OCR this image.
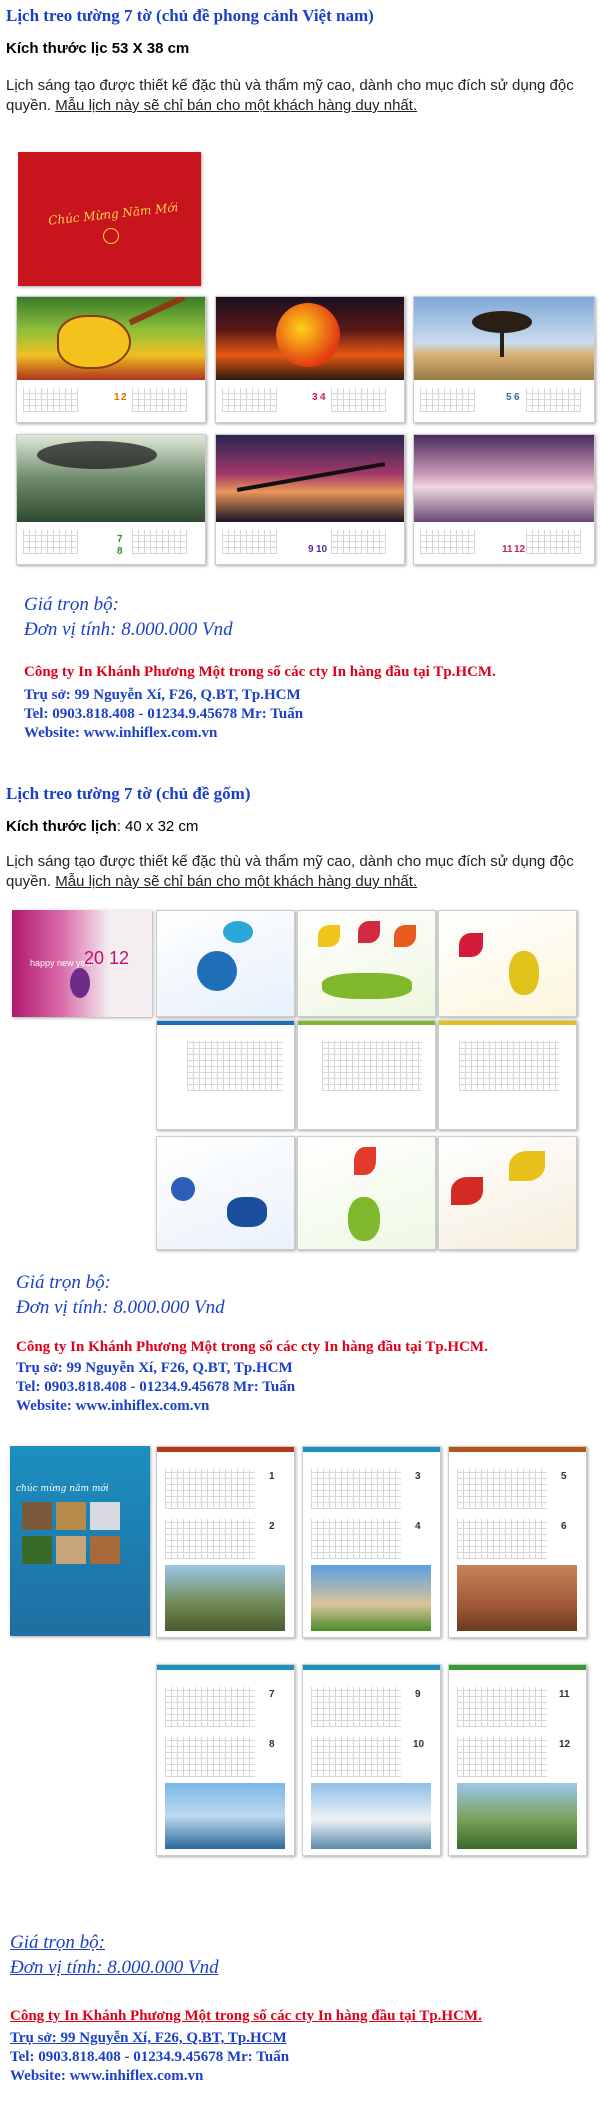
Lịch treo tường 7 tờ (chủ đề phong cảnh Việt nam)
Kích thước lịc 53 X 38 cm
Lịch sáng tạo được thiết kế đặc thù và thẩm mỹ cao, dành cho mục đích sử dụng độc quyền. Mẫu lịch này sẽ chỉ bán cho một khách hàng duy nhất.
Chúc Mừng Năm Mới
1 2	3 4	5 6
7
8	9 10	11 12
Giá trọn bộ:
Đơn vị tính: 8.000.000 Vnd
Công ty In Khánh Phương Một trong số các cty In hàng đầu tại Tp.HCM.
Trụ sở: 99 Nguyễn Xí, F26, Q.BT, Tp.HCM
Tel: 0903.818.408 - 01234.9.45678 Mr: Tuấn
Website: www.inhiflex.com.vn
Lịch treo tường 7 tờ (chủ đề gốm)
Kích thước lịch: 40 x 32 cm
Lịch sáng tạo được thiết kế đặc thù và thẩm mỹ cao, dành cho mục đích sử dụng độc quyền. Mẫu lịch này sẽ chỉ bán cho một khách hàng duy nhất.
happy new year
20 12
Giá trọn bộ:
Đơn vị tính: 8.000.000 Vnd
Công ty In Khánh Phương Một trong số các cty In hàng đầu tại Tp.HCM.
Trụ sở: 99 Nguyễn Xí, F26, Q.BT, Tp.HCM
Tel: 0903.818.408 - 01234.9.45678 Mr: Tuấn
Website: www.inhiflex.com.vn
chúc mừng năm mới
1
2
3
4
5
6
7
8
9
10
11
12
Giá trọn bộ:
Đơn vị tính: 8.000.000 Vnd
Công ty In Khánh Phương Một trong số các cty In hàng đầu tại Tp.HCM.
Trụ sở: 99 Nguyễn Xí, F26, Q.BT, Tp.HCM
Tel: 0903.818.408 - 01234.9.45678 Mr: Tuấn
Website: www.inhiflex.com.vn
